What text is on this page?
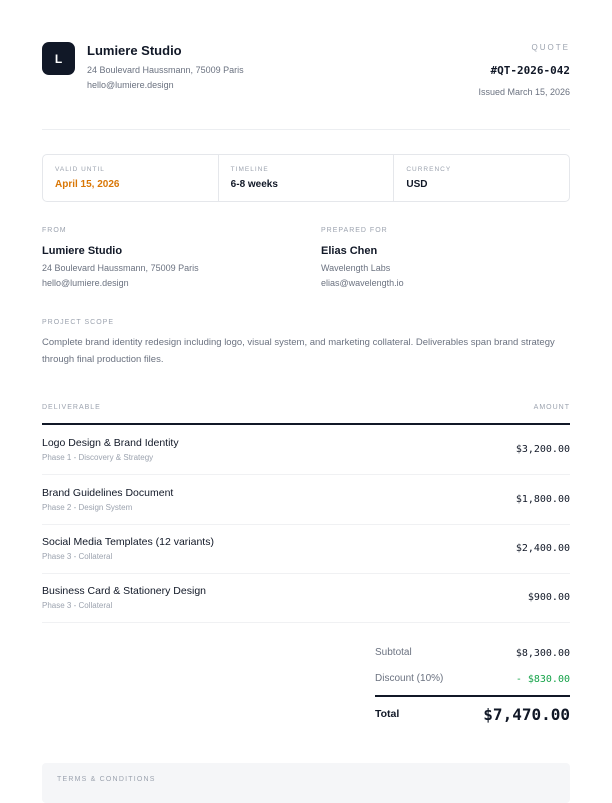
L
Lumiere Studio
24 Boulevard Haussmann, 75009 Paris
hello@lumiere.design
QUOTE
#QT-2026-042
Issued March 15, 2026
VALID UNTIL
April 15, 2026
TIMELINE
6-8 weeks
CURRENCY
USD
FROM
Lumiere Studio
24 Boulevard Haussmann, 75009 Paris
hello@lumiere.design
PREPARED FOR
Elias Chen
Wavelength Labs
elias@wavelength.io
PROJECT SCOPE
Complete brand identity redesign including logo, visual system, and marketing collateral. Deliverables span brand strategy through final production files.
DELIVERABLE	AMOUNT
Logo Design & Brand Identity
Phase 1 - Discovery & Strategy
$3,200.00
Brand Guidelines Document
Phase 2 - Design System
$1,800.00
Social Media Templates (12 variants)
Phase 3 - Collateral
$2,400.00
Business Card & Stationery Design
Phase 3 - Collateral
$900.00
Subtotal	$8,300.00
Discount (10%)	- $830.00
Total	$7,470.00
TERMS & CONDITIONS
